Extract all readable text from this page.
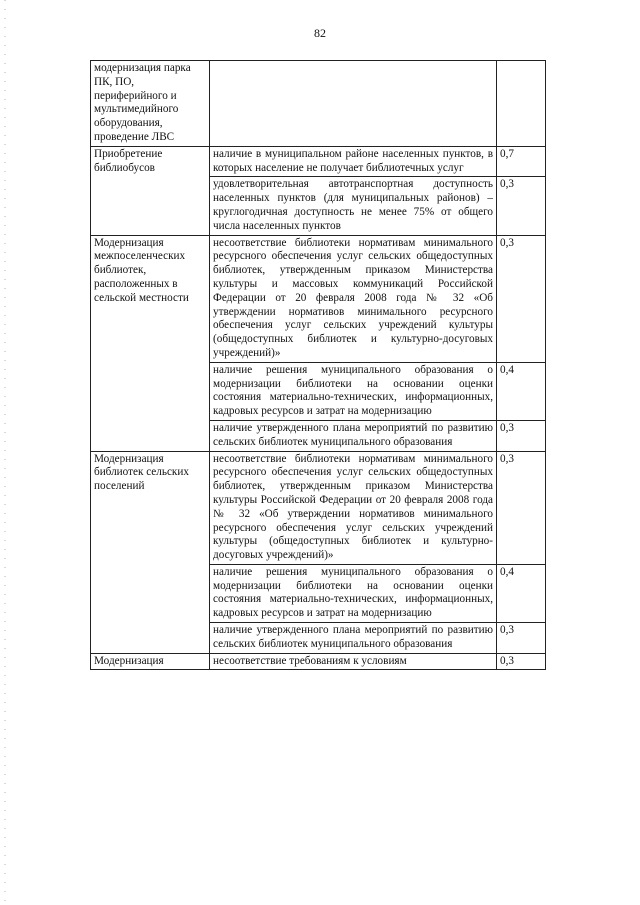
82
модернизация парка ПК, ПО, периферийного и мультимедийного оборудования, проведение ЛВС		
Приобретение библиобусов	наличие в муниципальном районе населенных пунктов, в которых население не получает библиотечных услуг	0,7
	удовлетворительная автотранспортная доступность населенных пунктов (для муниципальных районов) – круглогодичная доступность не менее 75% от общего числа населенных пунктов	0,3
Модернизация межпоселенческих библиотек, расположенных в сельской местности	несоответствие библиотеки нормативам минимального ресурсного обеспечения услуг сельских общедоступных библиотек, утвержденным приказом Министерства культуры и массовых коммуникаций Российской Федерации от 20 февраля 2008 года № 32 «Об утверждении нормативов минимального ресурсного обеспечения услуг сельских учреждений культуры (общедоступных библиотек и культурно-досуговых учреждений)»	0,3
	наличие решения муниципального образования о модернизации библиотеки на основании оценки состояния материально-технических, информационных, кадровых ресурсов и затрат на модернизацию	0,4
	наличие утвержденного плана мероприятий по развитию сельских библиотек муниципального образования	0,3
Модернизация библиотек сельских поселений	несоответствие библиотеки нормативам минимального ресурсного обеспечения услуг сельских общедоступных библиотек, утвержденным приказом Министерства культуры Российской Федерации от 20 февраля 2008 года № 32 «Об утверждении нормативов минимального ресурсного обеспечения услуг сельских учреждений культуры (общедоступных библиотек и культурно-досуговых учреждений)»	0,3
	наличие решения муниципального образования о модернизации библиотеки на основании оценки состояния материально-технических, информационных, кадровых ресурсов и затрат на модернизацию	0,4
	наличие утвержденного плана мероприятий по развитию сельских библиотек муниципального образования	0,3
Модернизация	несоответствие требованиям к условиям	0,3
